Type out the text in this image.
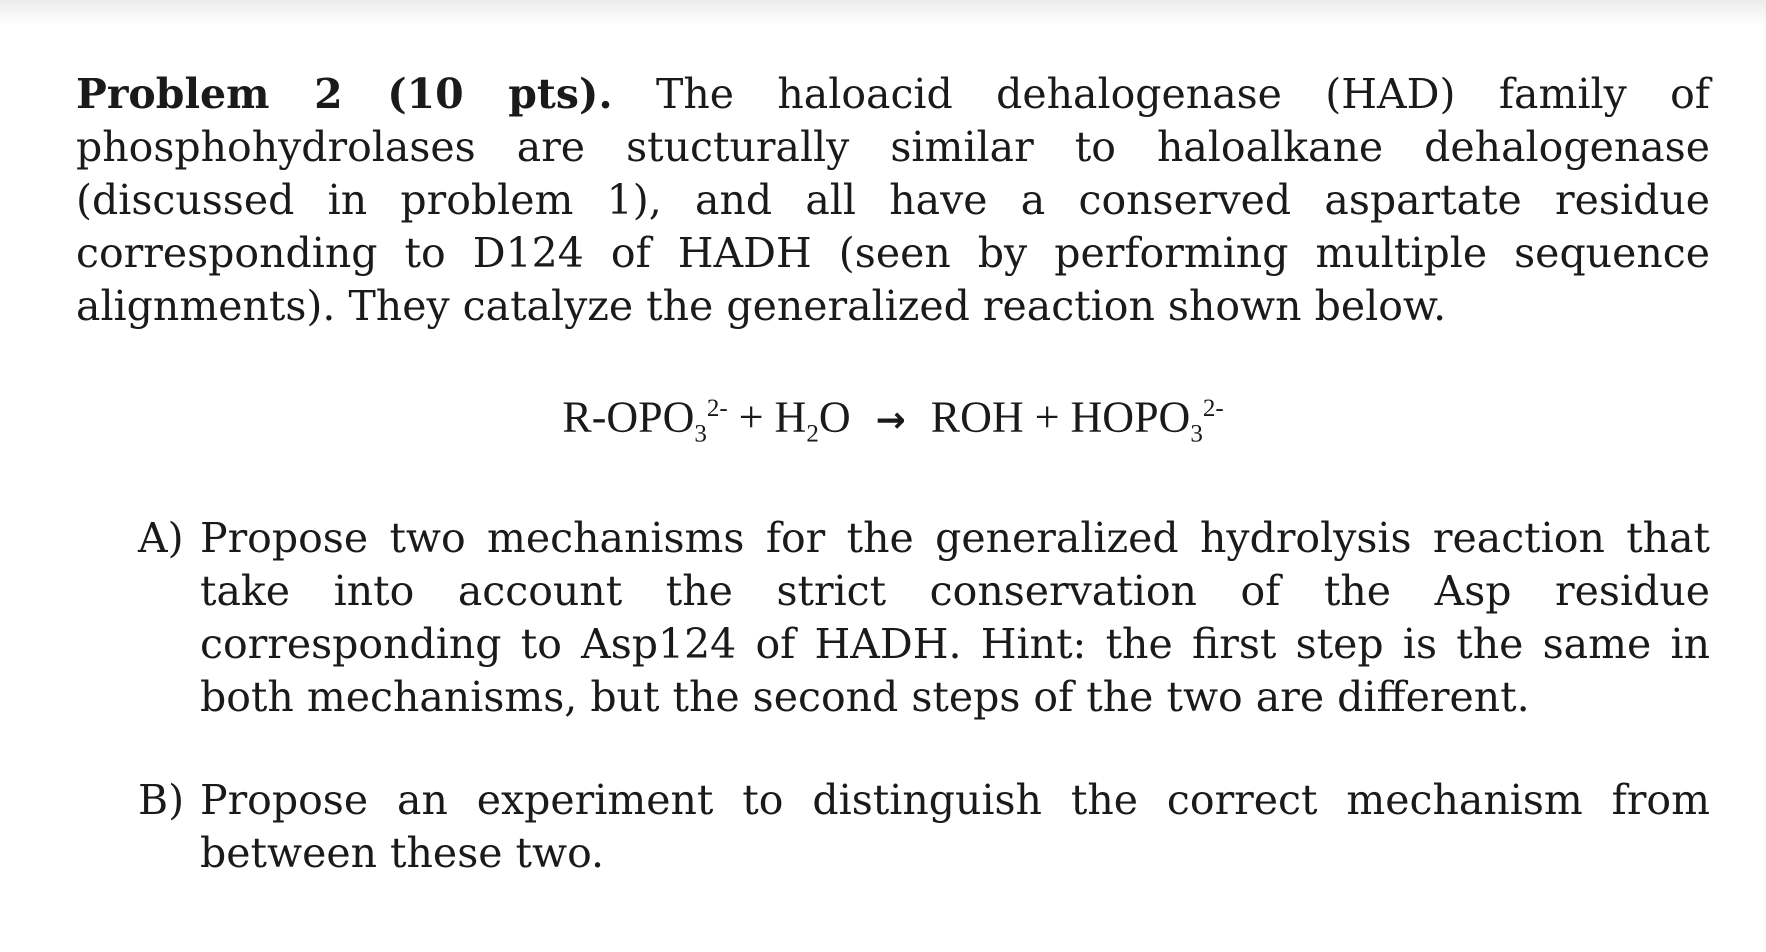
Problem 2 (10 pts). The haloacid dehalogenase (HAD) family of phosphohydrolases are stucturally similar to haloalkane dehalogenase (discussed in problem 1), and all have a conserved aspartate residue corresponding to D124 of HADH (seen by performing multiple sequence alignments). They catalyze the generalized reaction shown below.

$R-OPO_3^{2-} + H_2O$ → ROH + $HOPO_3^{2-}$
A) Propose two mechanisms for the generalized hydrolysis reaction that take into account the strict conservation of the Asp residue corresponding to Asp124 of HADH. Hint: the first step is the same in both mechanisms, but the second steps of the two are different.
B) Propose an experiment to distinguish the correct mechanism from between these two.
